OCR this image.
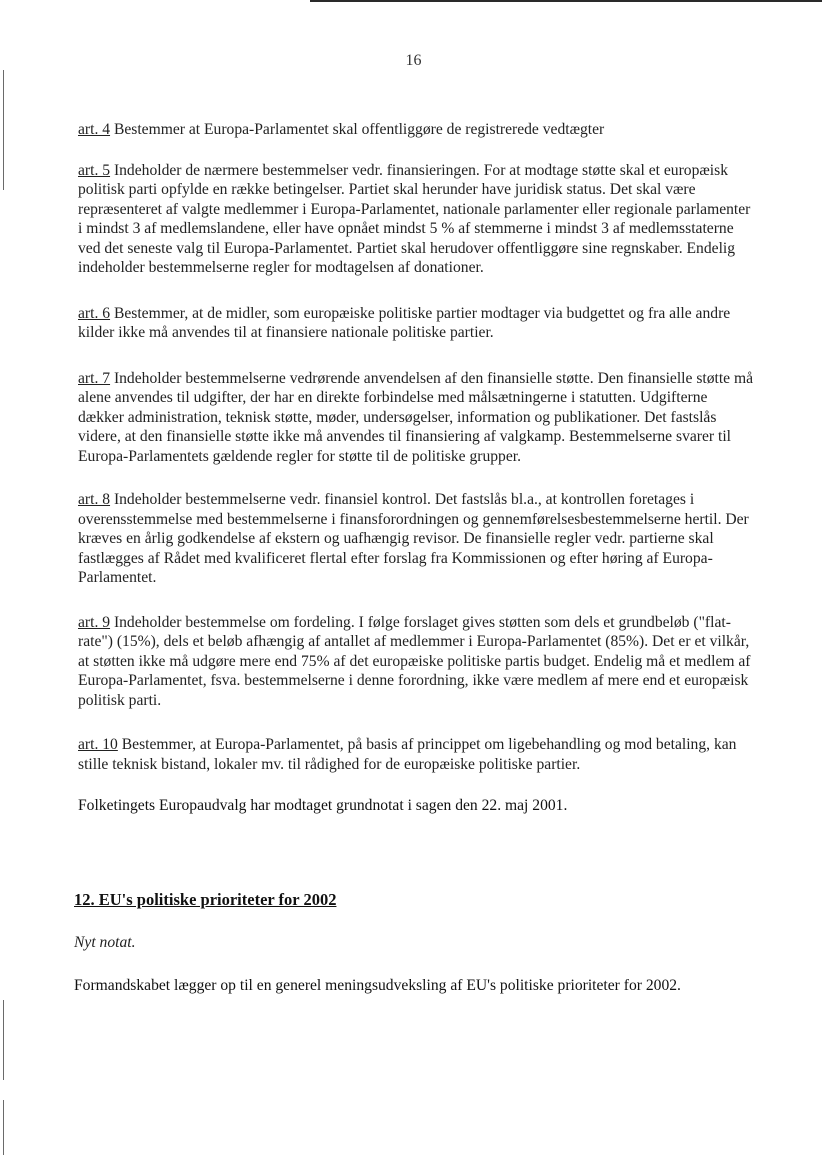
16

art. 4 Bestemmer at Europa-Parlamentet skal offentliggøre de registrerede vedtægter

art. 5 Indeholder de nærmere bestemmelser vedr. finansieringen. For at modtage støtte skal et europæisk politisk parti opfylde en række betingelser. Partiet skal herunder have juridisk status. Det skal være repræsenteret af valgte medlemmer i Europa-Parlamentet, nationale parlamenter eller regionale parlamenter i mindst 3 af medlemslandene, eller have opnået mindst 5 % af stemmerne i mindst 3 af medlemsstaterne ved det seneste valg til Europa-Parlamentet. Partiet skal herudover offentliggøre sine regnskaber. Endelig indeholder bestemmelserne regler for modtagelsen af donationer.

art. 6 Bestemmer, at de midler, som europæiske politiske partier modtager via budgettet og fra alle andre kilder ikke må anvendes til at finansiere nationale politiske partier.

art. 7 Indeholder bestemmelserne vedrørende anvendelsen af den finansielle støtte. Den finansielle støtte må alene anvendes til udgifter, der har en direkte forbindelse med målsætningerne i statutten. Udgifterne dækker administration, teknisk støtte, møder, undersøgelser, information og publikationer. Det fastslås videre, at den finansielle støtte ikke må anvendes til finansiering af valgkamp. Bestemmelserne svarer til Europa-Parlamentets gældende regler for støtte til de politiske grupper.

art. 8 Indeholder bestemmelserne vedr. finansiel kontrol. Det fastslås bl.a., at kontrollen foretages i overensstemmelse med bestemmelserne i finansforordningen og gennemførelsesbestemmelserne hertil. Der kræves en årlig godkendelse af ekstern og uafhængig revisor. De finansielle regler vedr. partierne skal fastlægges af Rådet med kvalificeret flertal efter forslag fra Kommissionen og efter høring af Europa-Parlamentet.

art. 9 Indeholder bestemmelse om fordeling. I følge forslaget gives støtten som dels et grundbeløb ("flat-rate") (15%), dels et beløb afhængig af antallet af medlemmer i Europa-Parlamentet (85%). Det er et vilkår, at støtten ikke må udgøre mere end 75% af det europæiske politiske partis budget. Endelig må et medlem af Europa-Parlamentet, fsva. bestemmelserne i denne forordning, ikke være medlem af mere end et europæisk politisk parti.

art. 10 Bestemmer, at Europa-Parlamentet, på basis af princippet om ligebehandling og mod betaling, kan stille teknisk bistand, lokaler mv. til rådighed for de europæiske politiske partier.

Folketingets Europaudvalg har modtaget grundnotat i sagen den 22. maj 2001.

12. EU's politiske prioriteter for 2002

Nyt notat.

Formandskabet lægger op til en generel meningsudveksling af EU's politiske prioriteter for 2002.
